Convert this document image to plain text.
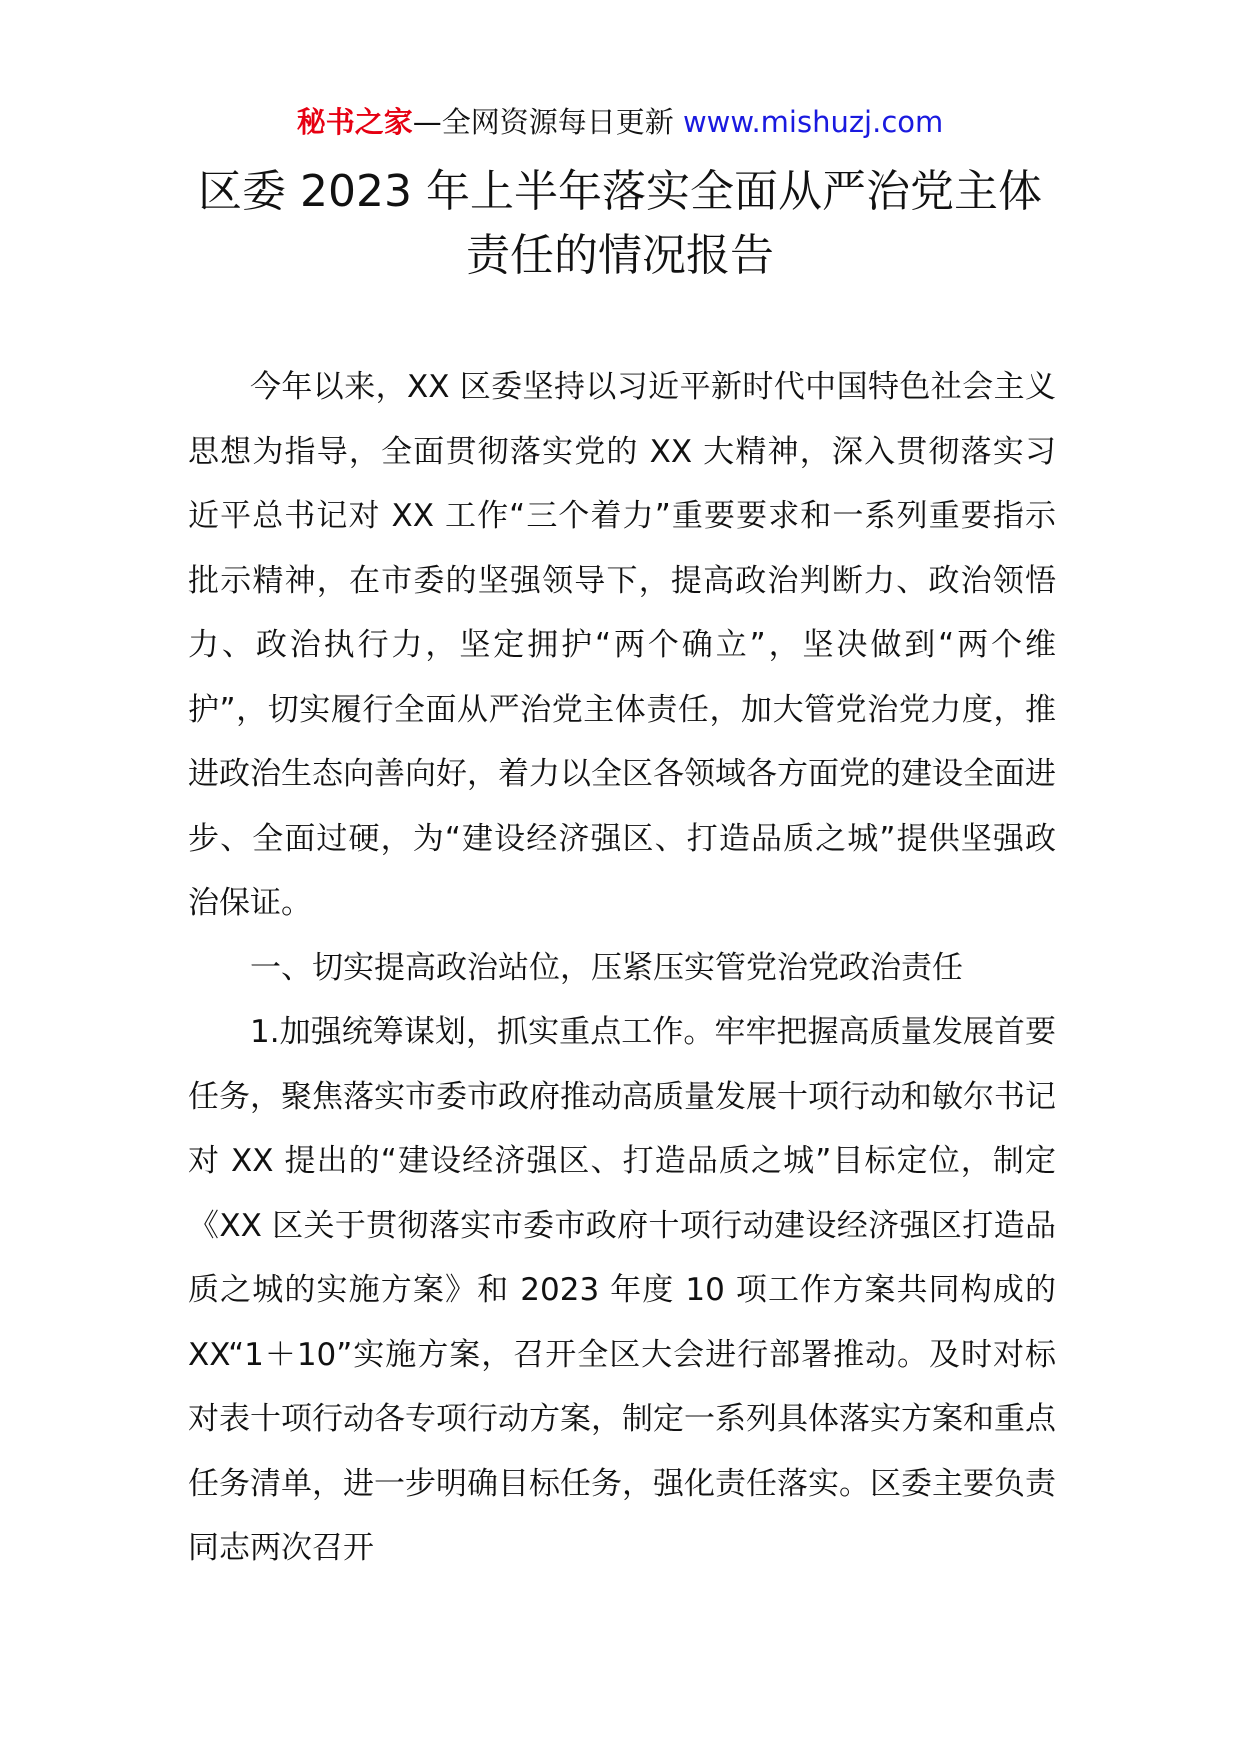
秘书之家—全网资源每日更新 www.mishuzj.com
区委 2023 年上半年落实全面从严治党主体
责任的情况报告

今年以来，XX 区委坚持以习近平新时代中国特色社会主义思想为指导，全面贯彻落实党的 XX 大精神，深入贯彻落实习近平总书记对 XX 工作“三个着力”重要要求和一系列重要指示批示精神，在市委的坚强领导下，提高政治判断力、政治领悟力、政治执行力，坚定拥护“两个确立”，坚决做到“两个维护”，切实履行全面从严治党主体责任，加大管党治党力度，推进政治生态向善向好，着力以全区各领域各方面党的建设全面进步、全面过硬，为“建设经济强区、打造品质之城”提供坚强政治保证。

一、切实提高政治站位，压紧压实管党治党政治责任

1.加强统筹谋划，抓实重点工作。牢牢把握高质量发展首要任务，聚焦落实市委市政府推动高质量发展十项行动和敏尔书记对 XX 提出的“建设经济强区、打造品质之城”目标定位，制定《XX 区关于贯彻落实市委市政府十项行动建设经济强区打造品质之城的实施方案》和 2023 年度 10 项工作方案共同构成的 XX“1＋10”实施方案，召开全区大会进行部署推动。及时对标对表十项行动各专项行动方案，制定一系列具体落实方案和重点任务清单，进一步明确目标任务，强化责任落实。区委主要负责同志两次召开
